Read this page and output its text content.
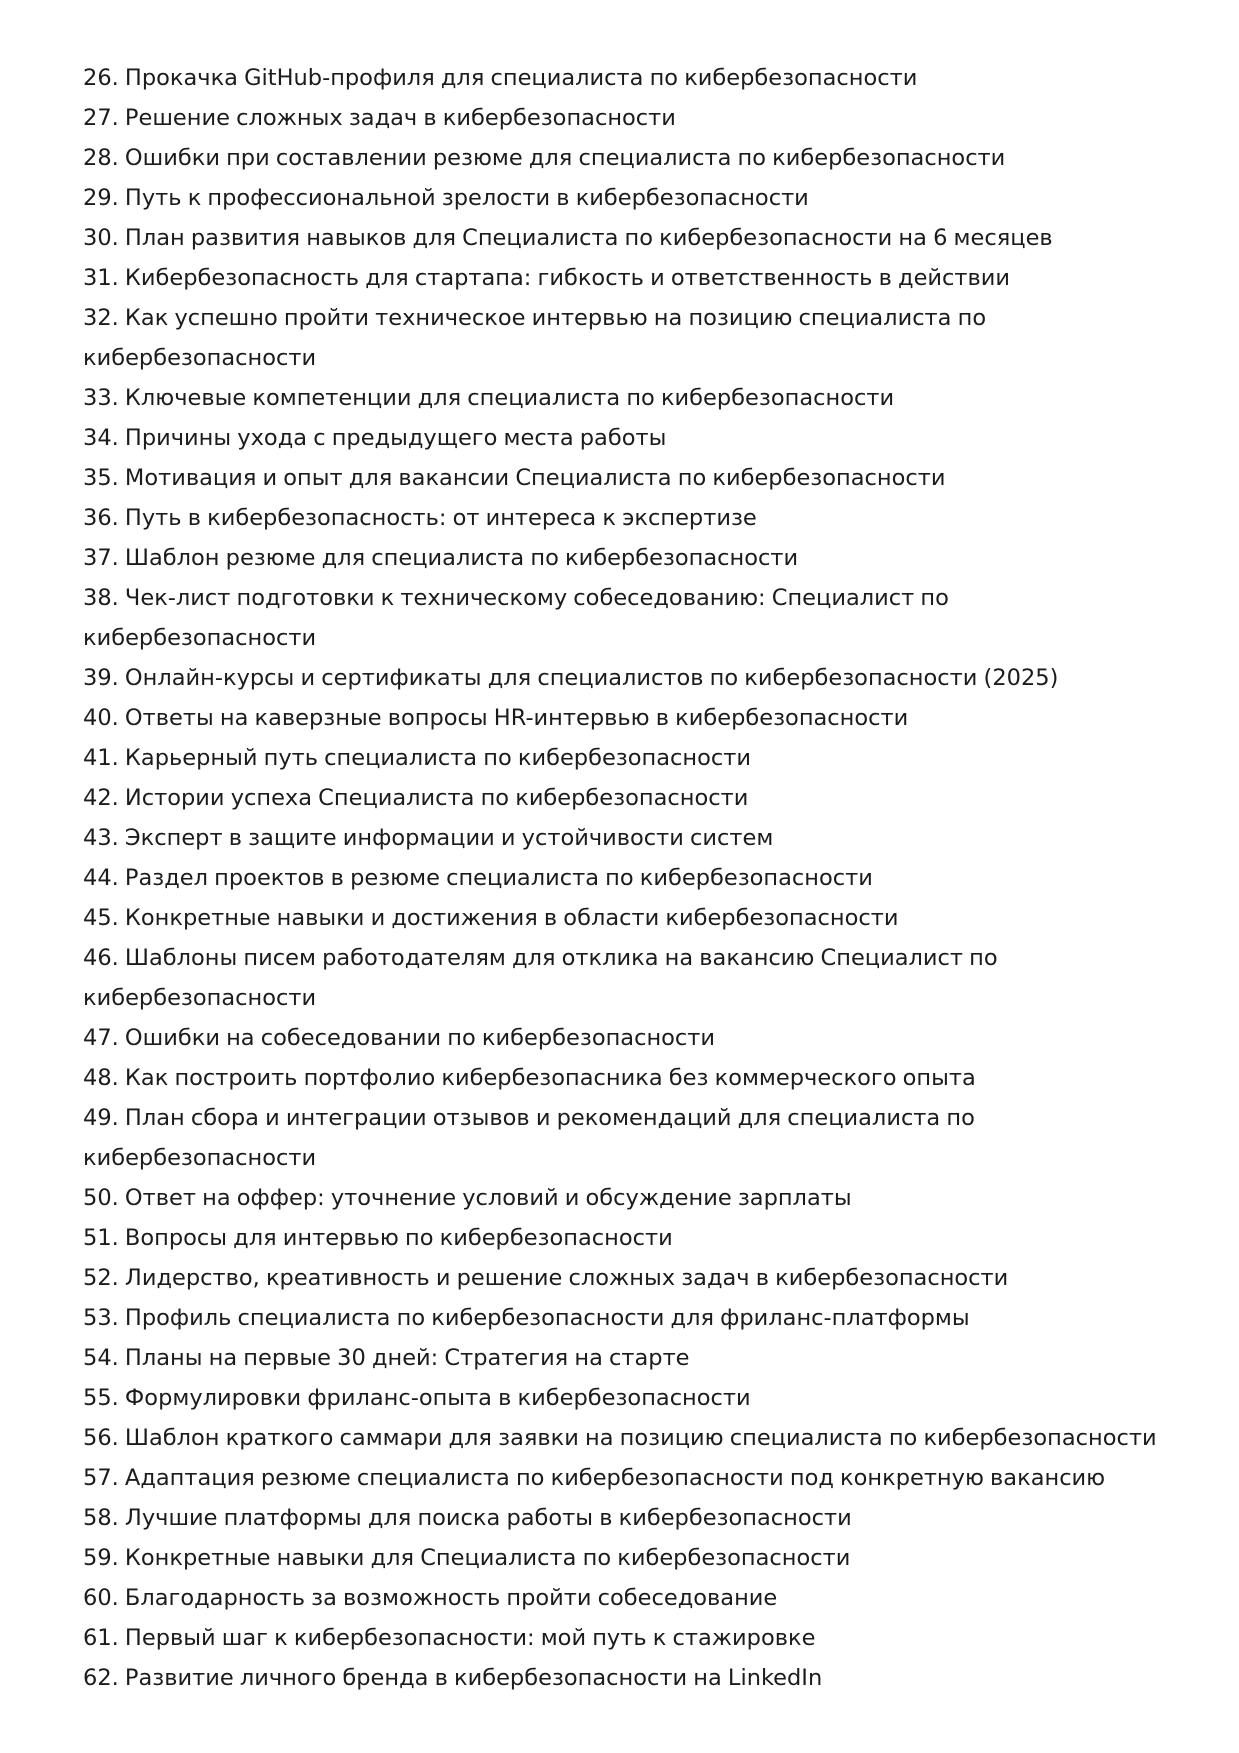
26. Прокачка GitHub-профиля для специалиста по кибербезопасности
27. Решение сложных задач в кибербезопасности
28. Ошибки при составлении резюме для специалиста по кибербезопасности
29. Путь к профессиональной зрелости в кибербезопасности
30. План развития навыков для Специалиста по кибербезопасности на 6 месяцев
31. Кибербезопасность для стартапа: гибкость и ответственность в действии
32. Как успешно пройти техническое интервью на позицию специалиста по кибербезопасности
33. Ключевые компетенции для специалиста по кибербезопасности
34. Причины ухода с предыдущего места работы
35. Мотивация и опыт для вакансии Специалиста по кибербезопасности
36. Путь в кибербезопасность: от интереса к экспертизе
37. Шаблон резюме для специалиста по кибербезопасности
38. Чек-лист подготовки к техническому собеседованию: Специалист по кибербезопасности
39. Онлайн-курсы и сертификаты для специалистов по кибербезопасности (2025)
40. Ответы на каверзные вопросы HR-интервью в кибербезопасности
41. Карьерный путь специалиста по кибербезопасности
42. Истории успеха Специалиста по кибербезопасности
43. Эксперт в защите информации и устойчивости систем
44. Раздел проектов в резюме специалиста по кибербезопасности
45. Конкретные навыки и достижения в области кибербезопасности
46. Шаблоны писем работодателям для отклика на вакансию Специалист по кибербезопасности
47. Ошибки на собеседовании по кибербезопасности
48. Как построить портфолио кибербезопасника без коммерческого опыта
49. План сбора и интеграции отзывов и рекомендаций для специалиста по кибербезопасности
50. Ответ на оффер: уточнение условий и обсуждение зарплаты
51. Вопросы для интервью по кибербезопасности
52. Лидерство, креативность и решение сложных задач в кибербезопасности
53. Профиль специалиста по кибербезопасности для фриланс-платформы
54. Планы на первые 30 дней: Стратегия на старте
55. Формулировки фриланс-опыта в кибербезопасности
56. Шаблон краткого саммари для заявки на позицию специалиста по кибербезопасности
57. Адаптация резюме специалиста по кибербезопасности под конкретную вакансию
58. Лучшие платформы для поиска работы в кибербезопасности
59. Конкретные навыки для Специалиста по кибербезопасности
60. Благодарность за возможность пройти собеседование
61. Первый шаг к кибербезопасности: мой путь к стажировке
62. Развитие личного бренда в кибербезопасности на LinkedIn
